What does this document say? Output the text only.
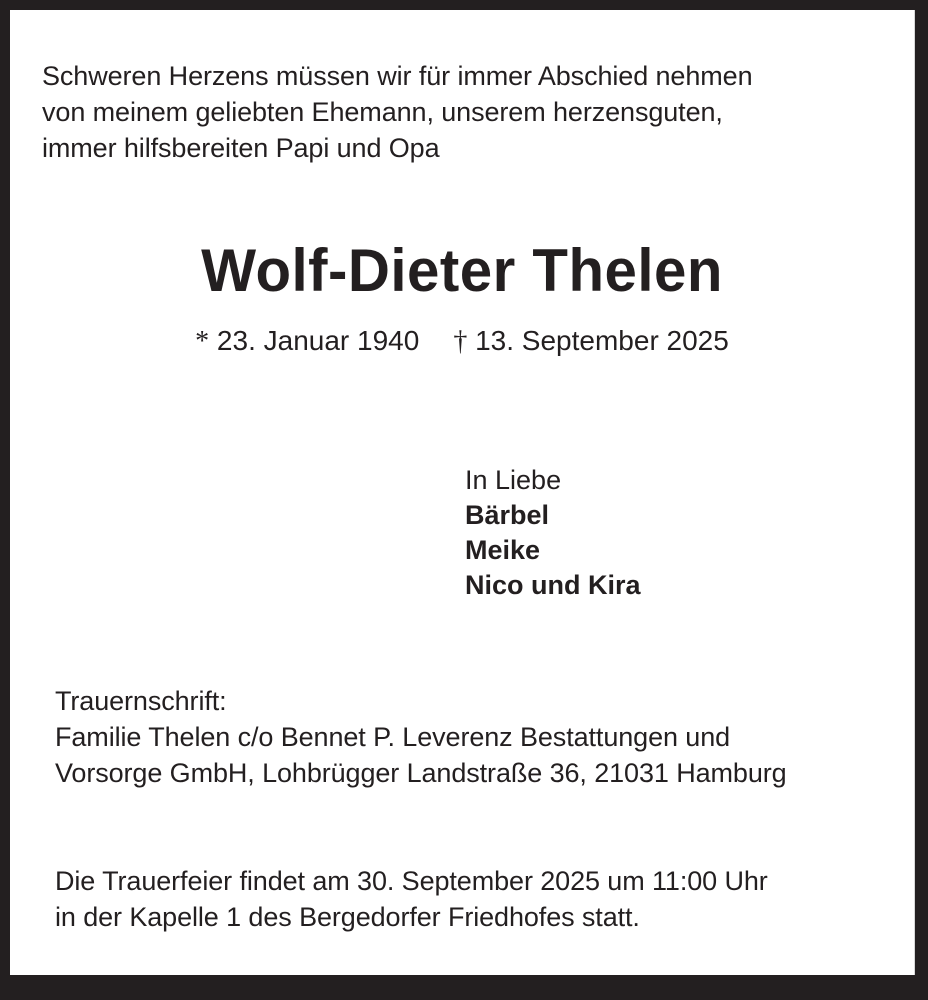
Schweren Herzens müssen wir für immer Abschied nehmen

von meinem geliebten Ehemann, unserem herzensguten,

immer hilfsbereiten Papi und Opa

Wolf-Dieter Thelen

* 23. Januar 1940 † 13. September 2025

In Liebe

Bärbel

Meike

Nico und Kira

Trauernschrift:

Familie Thelen c/o Bennet P. Leverenz Bestattungen und

Vorsorge GmbH, Lohbrügger Landstraße 36, 21031 Hamburg

Die Trauerfeier findet am 30. September 2025 um 11:00 Uhr

in der Kapelle 1 des Bergedorfer Friedhofes statt.
